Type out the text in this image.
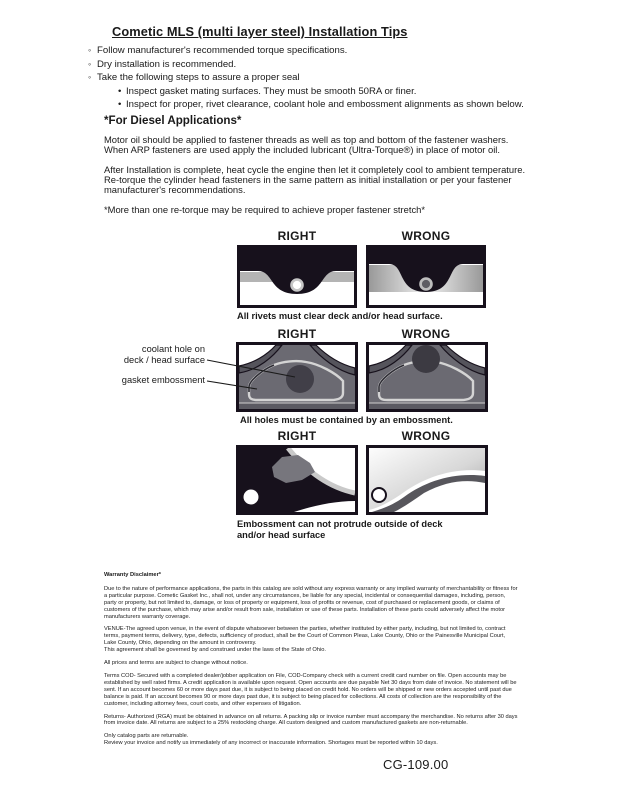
Cometic MLS (multi layer steel) Installation Tips
◦ Follow manufacturer's recommended torque specifications.
◦ Dry installation is recommended.
◦ Take the following steps to assure a proper seal
• Inspect gasket mating surfaces. They must be smooth 50RA or finer.
• Inspect for proper, rivet clearance, coolant hole and embossment alignments as shown below.
*For Diesel Applications*

Motor oil should be applied to fastener threads as well as top and bottom of the fastener washers. When ARP fasteners are used apply the included lubricant (Ultra-Torque®) in place of motor oil.

After Installation is complete, heat cycle the engine then let it completely cool to ambient temperature. Re-torque the cylinder head fasteners in the same pattern as initial installation or per your fastener manufacturer's recommendations.

*More than one re-torque may be required to achieve proper fastener stretch*

RIGHT	WRONG
All rivets must clear deck and/or head surface.
RIGHT	WRONG
coolant hole on
deck / head surface
gasket embossment
All holes must be contained by an embossment.
RIGHT	WRONG
Embossment can not protrude outside of deck
and/or head surface
Warranty Disclaimer*

Due to the nature of performance applications, the parts in this catalog are sold without any express warranty or any implied warranty of merchantability or fitness for a particular purpose. Cometic Gasket Inc., shall not, under any circumstances, be liable for any special, incidental or consequential damages, including, person, party or property, but not limited to, damage, or loss of property or equipment, loss of profits or revenue, cost of purchased or replacement goods, or claims of customers of the purchase, which may arise and/or result from sale, installation or use of these parts. Installation of these parts could adversely affect the motor manufacturers warranty coverage.

VENUE-The agreed upon venue, in the event of dispute whatsoever between the parties, whether instituted by either party, including, but not limited to, contract terms, payment terms, delivery, type, defects, sufficiency of product, shall be the Court of Common Pleas, Lake County, Ohio or the Painesville Municipal Court, Lake County, Ohio, depending on the amount in controversy.

This agreement shall be governed by and construed under the laws of the State of Ohio.

All prices and terms are subject to change without notice.

Terms COD- Secured with a completed dealer/jobber application on File, COD-Company check with a current credit card number on file. Open accounts may be established by well rated firms. A credit application is available upon request. Open accounts are due payable Net 30 days from date of invoice. No statement will be sent. If an account becomes 60 or more days past due, it is subject to being placed on credit hold. No orders will be shipped or new orders accepted until past due balance is paid. If an account becomes 90 or more days past due, it is subject to being placed for collections. All costs of collection are the responsibility of the customer, including attorney fees, court costs, and other expenses of litigation.

Returns- Authorized (RGA) must be obtained in advance on all returns. A packing slip or invoice number must accompany the merchandise. No returns after 30 days from invoice date. All returns are subject to a 25% restocking charge. All custom designed and custom manufactured gaskets are non-returnable.

Only catalog parts are returnable.

Review your invoice and notify us immediately of any incorrect or inaccurate information. Shortages must be reported within 10 days.

CG-109.00
